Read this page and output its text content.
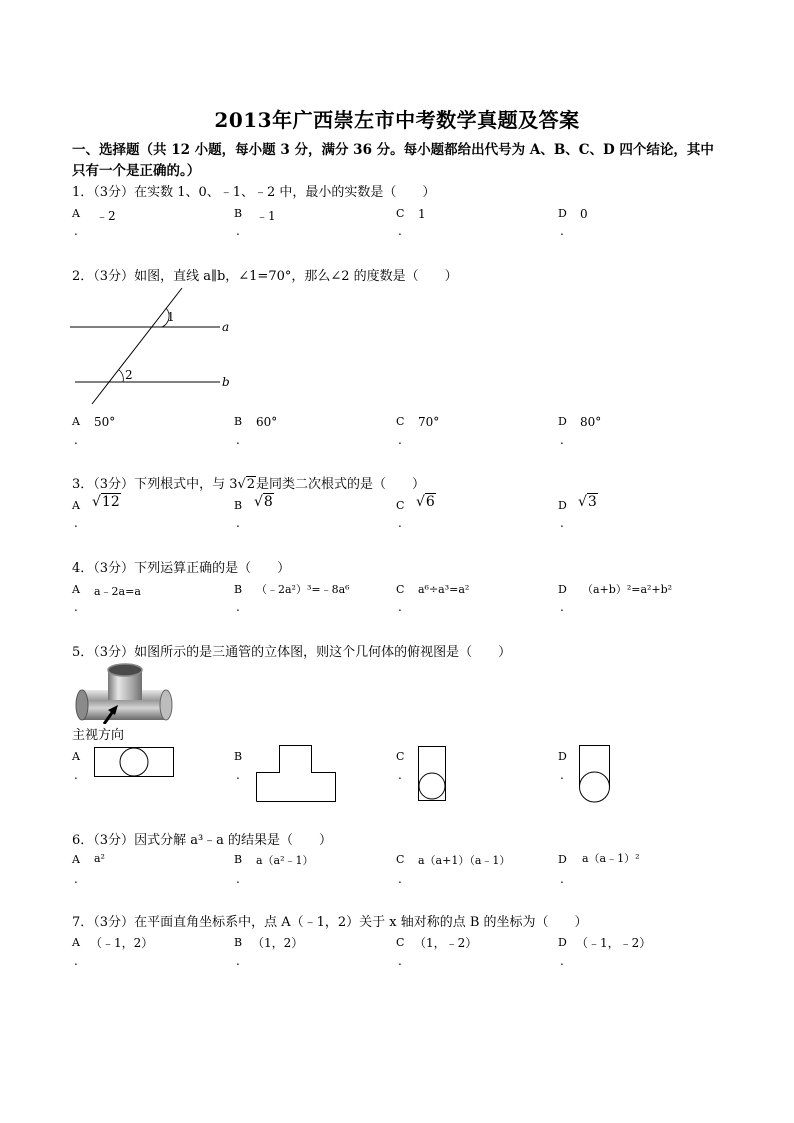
2013年广西崇左市中考数学真题及答案
一、选择题（共 12 小题，每小题 3 分，满分 36 分。每小题都给出代号为 A、B、C、D 四个结论，其中只有一个是正确的。）
1．（3分）在实数 1、0、﹣1、﹣2 中，最小的实数是（　　）
A ﹣2
.
B ﹣1
.
C 1
.
D 0
.
2．（3分）如图，直线 a∥b，∠1=70°，那么∠2 的度数是（　　）
1
2
a
b
A 50°
.
B 60°
.
C 70°
.
D 80°
.
3．（3分）下列根式中，与 3√2是同类二次根式的是（　　）
A √12
.
B √8
.
C √6
.
D √3
.
4．（3分）下列运算正确的是（　　）
A a﹣2a=a
.
B （﹣2a²）³=﹣8a⁶
.
C a⁶÷a³=a²
.
D （a+b）²=a²+b²
.
5．（3分）如图所示的是三通管的立体图，则这个几何体的俯视图是（　　）
主视方向
A
.
B
.
C
.
D
.
6．（3分）因式分解 a³﹣a 的结果是（　　）
A a²
.
B a（a²﹣1）
.
C a（a+1）（a﹣1）
.
D a（a﹣1）²
.
7．（3分）在平面直角坐标系中，点 A（﹣1，2）关于 x 轴对称的点 B 的坐标为（　　）
A （﹣1，2）
.
B （1，2）
.
C （1，﹣2）
.
D （﹣1，﹣2）
.
